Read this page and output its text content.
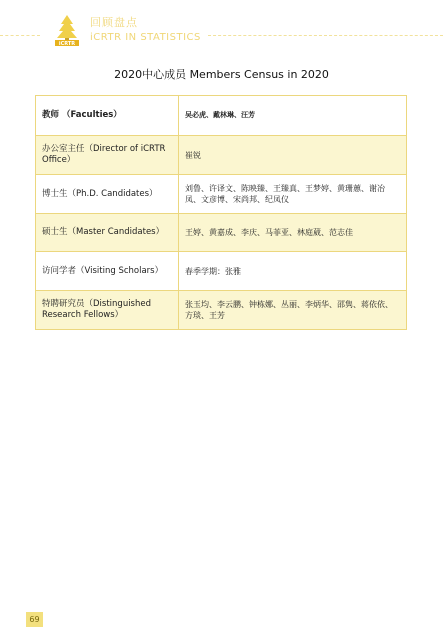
iCRTR
回顾盘点
iCRTR IN STATISTICS
2020中心成员 Members Census in 2020
教师 （Faculties）	吴必虎、戴林琳、汪芳
办公室主任（Director of iCRTR Office）	崔锐
博士生（Ph.D. Candidates）	刘鲁、许译文、陈映臻、王臻真、王梦婷、黄珊蕙、谢冶凤、文彦博、宋尚邦、纪凤仪
硕士生（Master Candidates）	王婷、黄嘉成、李庆、马菲亚、林庭葳、范志佳
访问学者（Visiting Scholars）	春季学期：张雅
特聘研究员（Distinguished Research Fellows）	张玉均、李云鹏、钟栋娜、丛丽、李炳华、邵隽、蒋依依、方琰、王芳
69
